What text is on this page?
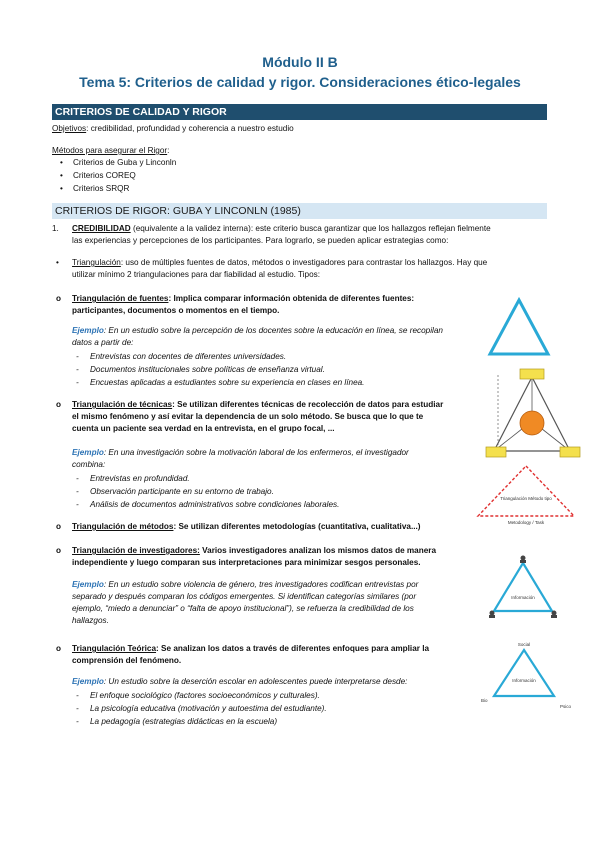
Módulo II B
Tema 5: Criterios de calidad y rigor. Consideraciones ético-legales
CRITERIOS DE CALIDAD Y RIGOR
Objetivos: credibilidad, profundidad y coherencia a nuestro estudio
Métodos para asegurar el Rigor:
• Criterios de Guba y Linconln
• Criterios COREQ
• Criterios SRQR
CRITERIOS DE RIGOR: GUBA Y LINCONLN (1985)
1. CREDIBILIDAD (equivalente a la validez interna): este criterio busca garantizar que los hallazgos reflejan fielmente
las experiencias y percepciones de los participantes. Para lograrlo, se pueden aplicar estrategias como:
• Triangulación: uso de múltiples fuentes de datos, métodos o investigadores para contrastar los hallazgos. Hay que
utilizar mínimo 2 triangulaciones para dar fiabilidad al estudio. Tipos:
o Triangulación de fuentes: Implica comparar información obtenida de diferentes fuentes:
participantes, documentos o momentos en el tiempo.
Ejemplo: En un estudio sobre la percepción de los docentes sobre la educación en línea, se recopilan
datos a partir de:
- Entrevistas con docentes de diferentes universidades.
- Documentos institucionales sobre políticas de enseñanza virtual.
- Encuestas aplicadas a estudiantes sobre su experiencia en clases en línea.
o Triangulación de técnicas: Se utilizan diferentes técnicas de recolección de datos para estudiar
el mismo fenómeno y así evitar la dependencia de un solo método. Se busca que lo que te
cuenta un paciente sea verdad en la entrevista, en el grupo focal, ...
Ejemplo: En una investigación sobre la motivación laboral de los enfermeros, el investigador
combina:
- Entrevistas en profundidad.
- Observación participante en su entorno de trabajo.
- Análisis de documentos administrativos sobre condiciones laborales.
o Triangulación de métodos: Se utilizan diferentes metodologías (cuantitativa, cualitativa...)
o Triangulación de investigadores: Varios investigadores analizan los mismos datos de manera
independiente y luego comparan sus interpretaciones para minimizar sesgos personales.
Ejemplo: En un estudio sobre violencia de género, tres investigadores codifican entrevistas por
separado y después comparan los códigos emergentes. Si identifican categorías similares (por
ejemplo, “miedo a denunciar” o “falta de apoyo institucional”), se refuerza la credibilidad de los
hallazgos.
o Triangulación Teórica: Se analizan los datos a través de diferentes enfoques para ampliar la
comprensión del fenómeno.
Ejemplo: Un estudio sobre la deserción escolar en adolescentes puede interpretarse desde:
- El enfoque sociológico (factores socioeconómicos y culturales).
- La psicología educativa (motivación y autoestima del estudiante).
- La pedagogía (estrategias didácticas en la escuela)
Triangulación Método tipo
Metodology / Task
Información
Social
Información
Bio
Psico
